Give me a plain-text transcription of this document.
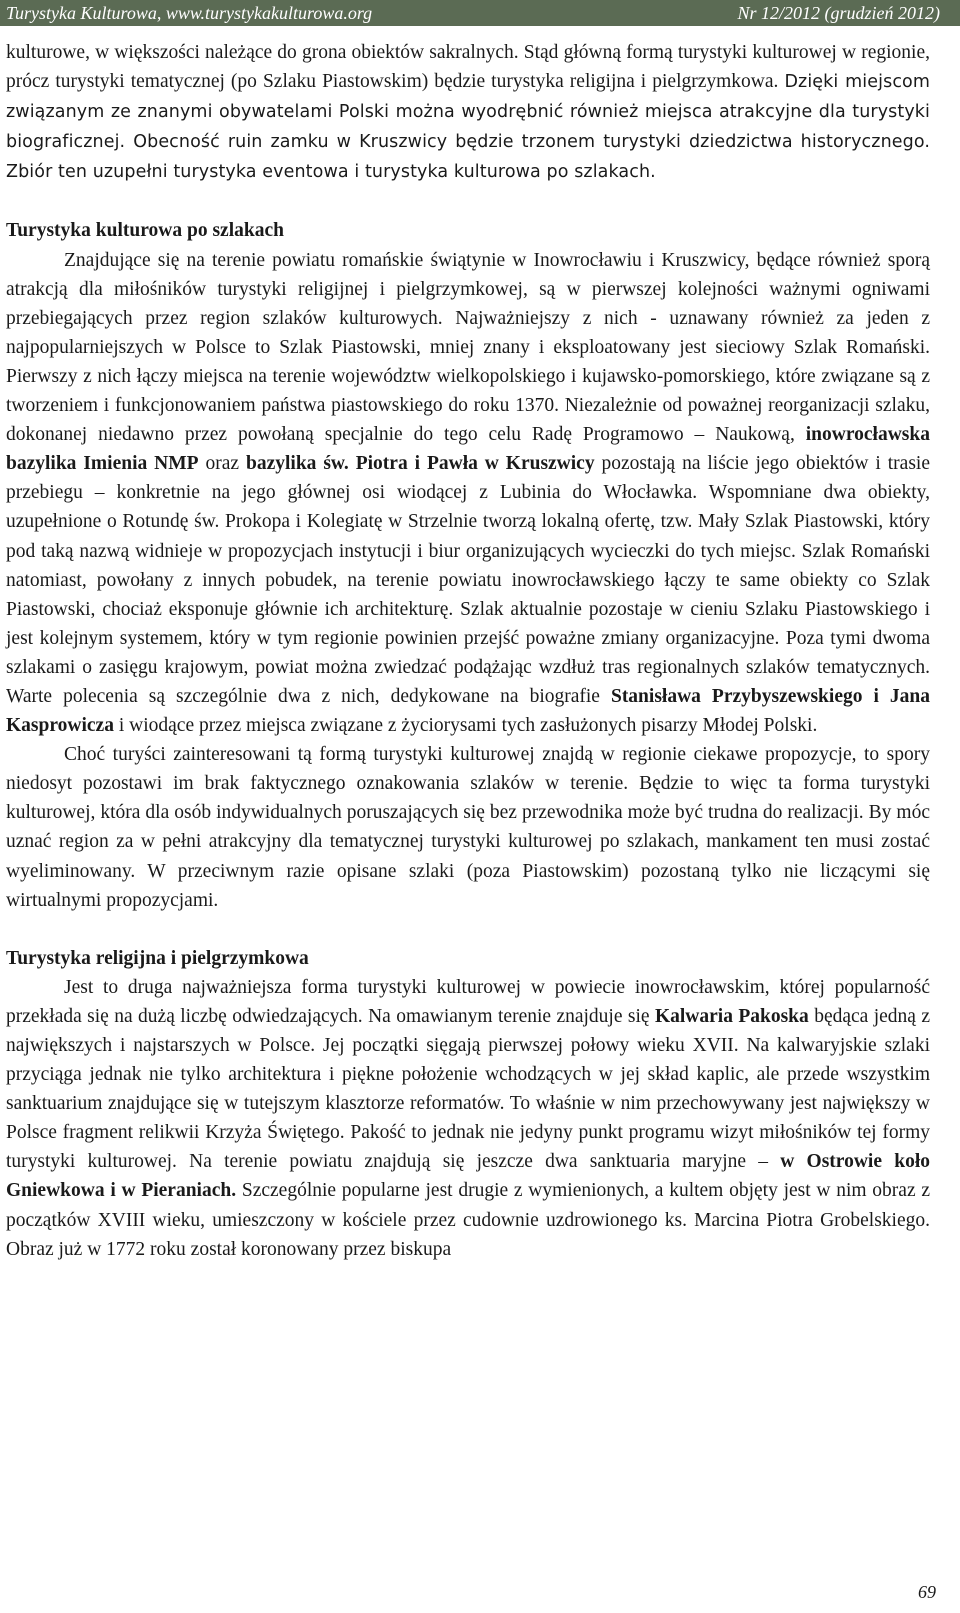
Turystyka Kulturowa, www.turystykakulturowa.org	Nr 12/2012 (grudzień 2012)

kulturowe, w większości należące do grona obiektów sakralnych. Stąd główną formą turystyki kulturowej w regionie, prócz turystyki tematycznej (po Szlaku Piastowskim) będzie turystyka religijna i pielgrzymkowa. Dzięki miejscom związanym ze znanymi obywatelami Polski można wyodrębnić również miejsca atrakcyjne dla turystyki biograficznej. Obecność ruin zamku w Kruszwicy będzie trzonem turystyki dziedzictwa historycznego. Zbiór ten uzupełni turystyka eventowa i turystyka kulturowa po szlakach.

Turystyka kulturowa po szlakach

Znajdujące się na terenie powiatu romańskie świątynie w Inowrocławiu i Kruszwicy, będące również sporą atrakcją dla miłośników turystyki religijnej i pielgrzymkowej, są w pierwszej kolejności ważnymi ogniwami przebiegających przez region szlaków kulturowych. Najważniejszy z nich - uznawany również za jeden z najpopularniejszych w Polsce to Szlak Piastowski, mniej znany i eksploatowany jest sieciowy Szlak Romański. Pierwszy z nich łączy miejsca na terenie województw wielkopolskiego i kujawsko-pomorskiego, które związane są z tworzeniem i funkcjonowaniem państwa piastowskiego do roku 1370. Niezależnie od poważnej reorganizacji szlaku, dokonanej niedawno przez powołaną specjalnie do tego celu Radę Programowo – Naukową, inowrocławska bazylika Imienia NMP oraz bazylika św. Piotra i Pawła w Kruszwicy pozostają na liście jego obiektów i trasie przebiegu – konkretnie na jego głównej osi wiodącej z Lubinia do Włocławka. Wspomniane dwa obiekty, uzupełnione o Rotundę św. Prokopa i Kolegiatę w Strzelnie tworzą lokalną ofertę, tzw. Mały Szlak Piastowski, który pod taką nazwą widnieje w propozycjach instytucji i biur organizujących wycieczki do tych miejsc. Szlak Romański natomiast, powołany z innych pobudek, na terenie powiatu inowrocławskiego łączy te same obiekty co Szlak Piastowski, chociaż eksponuje głównie ich architekturę. Szlak aktualnie pozostaje w cieniu Szlaku Piastowskiego i jest kolejnym systemem, który w tym regionie powinien przejść poważne zmiany organizacyjne. Poza tymi dwoma szlakami o zasięgu krajowym, powiat można zwiedzać podążając wzdłuż tras regionalnych szlaków tematycznych. Warte polecenia są szczególnie dwa z nich, dedykowane na biografie Stanisława Przybyszewskiego i Jana Kasprowicza i wiodące przez miejsca związane z życiorysami tych zasłużonych pisarzy Młodej Polski.

Choć turyści zainteresowani tą formą turystyki kulturowej znajdą w regionie ciekawe propozycje, to spory niedosyt pozostawi im brak faktycznego oznakowania szlaków w terenie. Będzie to więc ta forma turystyki kulturowej, która dla osób indywidualnych poruszających się bez przewodnika może być trudna do realizacji. By móc uznać region za w pełni atrakcyjny dla tematycznej turystyki kulturowej po szlakach, mankament ten musi zostać wyeliminowany. W przeciwnym razie opisane szlaki (poza Piastowskim) pozostaną tylko nie liczącymi się wirtualnymi propozycjami.

Turystyka religijna i pielgrzymkowa

Jest to druga najważniejsza forma turystyki kulturowej w powiecie inowrocławskim, której popularność przekłada się na dużą liczbę odwiedzających. Na omawianym terenie znajduje się Kalwaria Pakoska będąca jedną z największych i najstarszych w Polsce. Jej początki sięgają pierwszej połowy wieku XVII. Na kalwaryjskie szlaki przyciąga jednak nie tylko architektura i piękne położenie wchodzących w jej skład kaplic, ale przede wszystkim sanktuarium znajdujące się w tutejszym klasztorze reformatów. To właśnie w nim przechowywany jest największy w Polsce fragment relikwii Krzyża Świętego. Pakość to jednak nie jedyny punkt programu wizyt miłośników tej formy turystyki kulturowej. Na terenie powiatu znajdują się jeszcze dwa sanktuaria maryjne – w Ostrowie koło Gniewkowa i w Pieraniach. Szczególnie popularne jest drugie z wymienionych, a kultem objęty jest w nim obraz z początków XVIII wieku, umieszczony w kościele przez cudownie uzdrowionego ks. Marcina Piotra Grobelskiego. Obraz już w 1772 roku został koronowany przez biskupa

69
